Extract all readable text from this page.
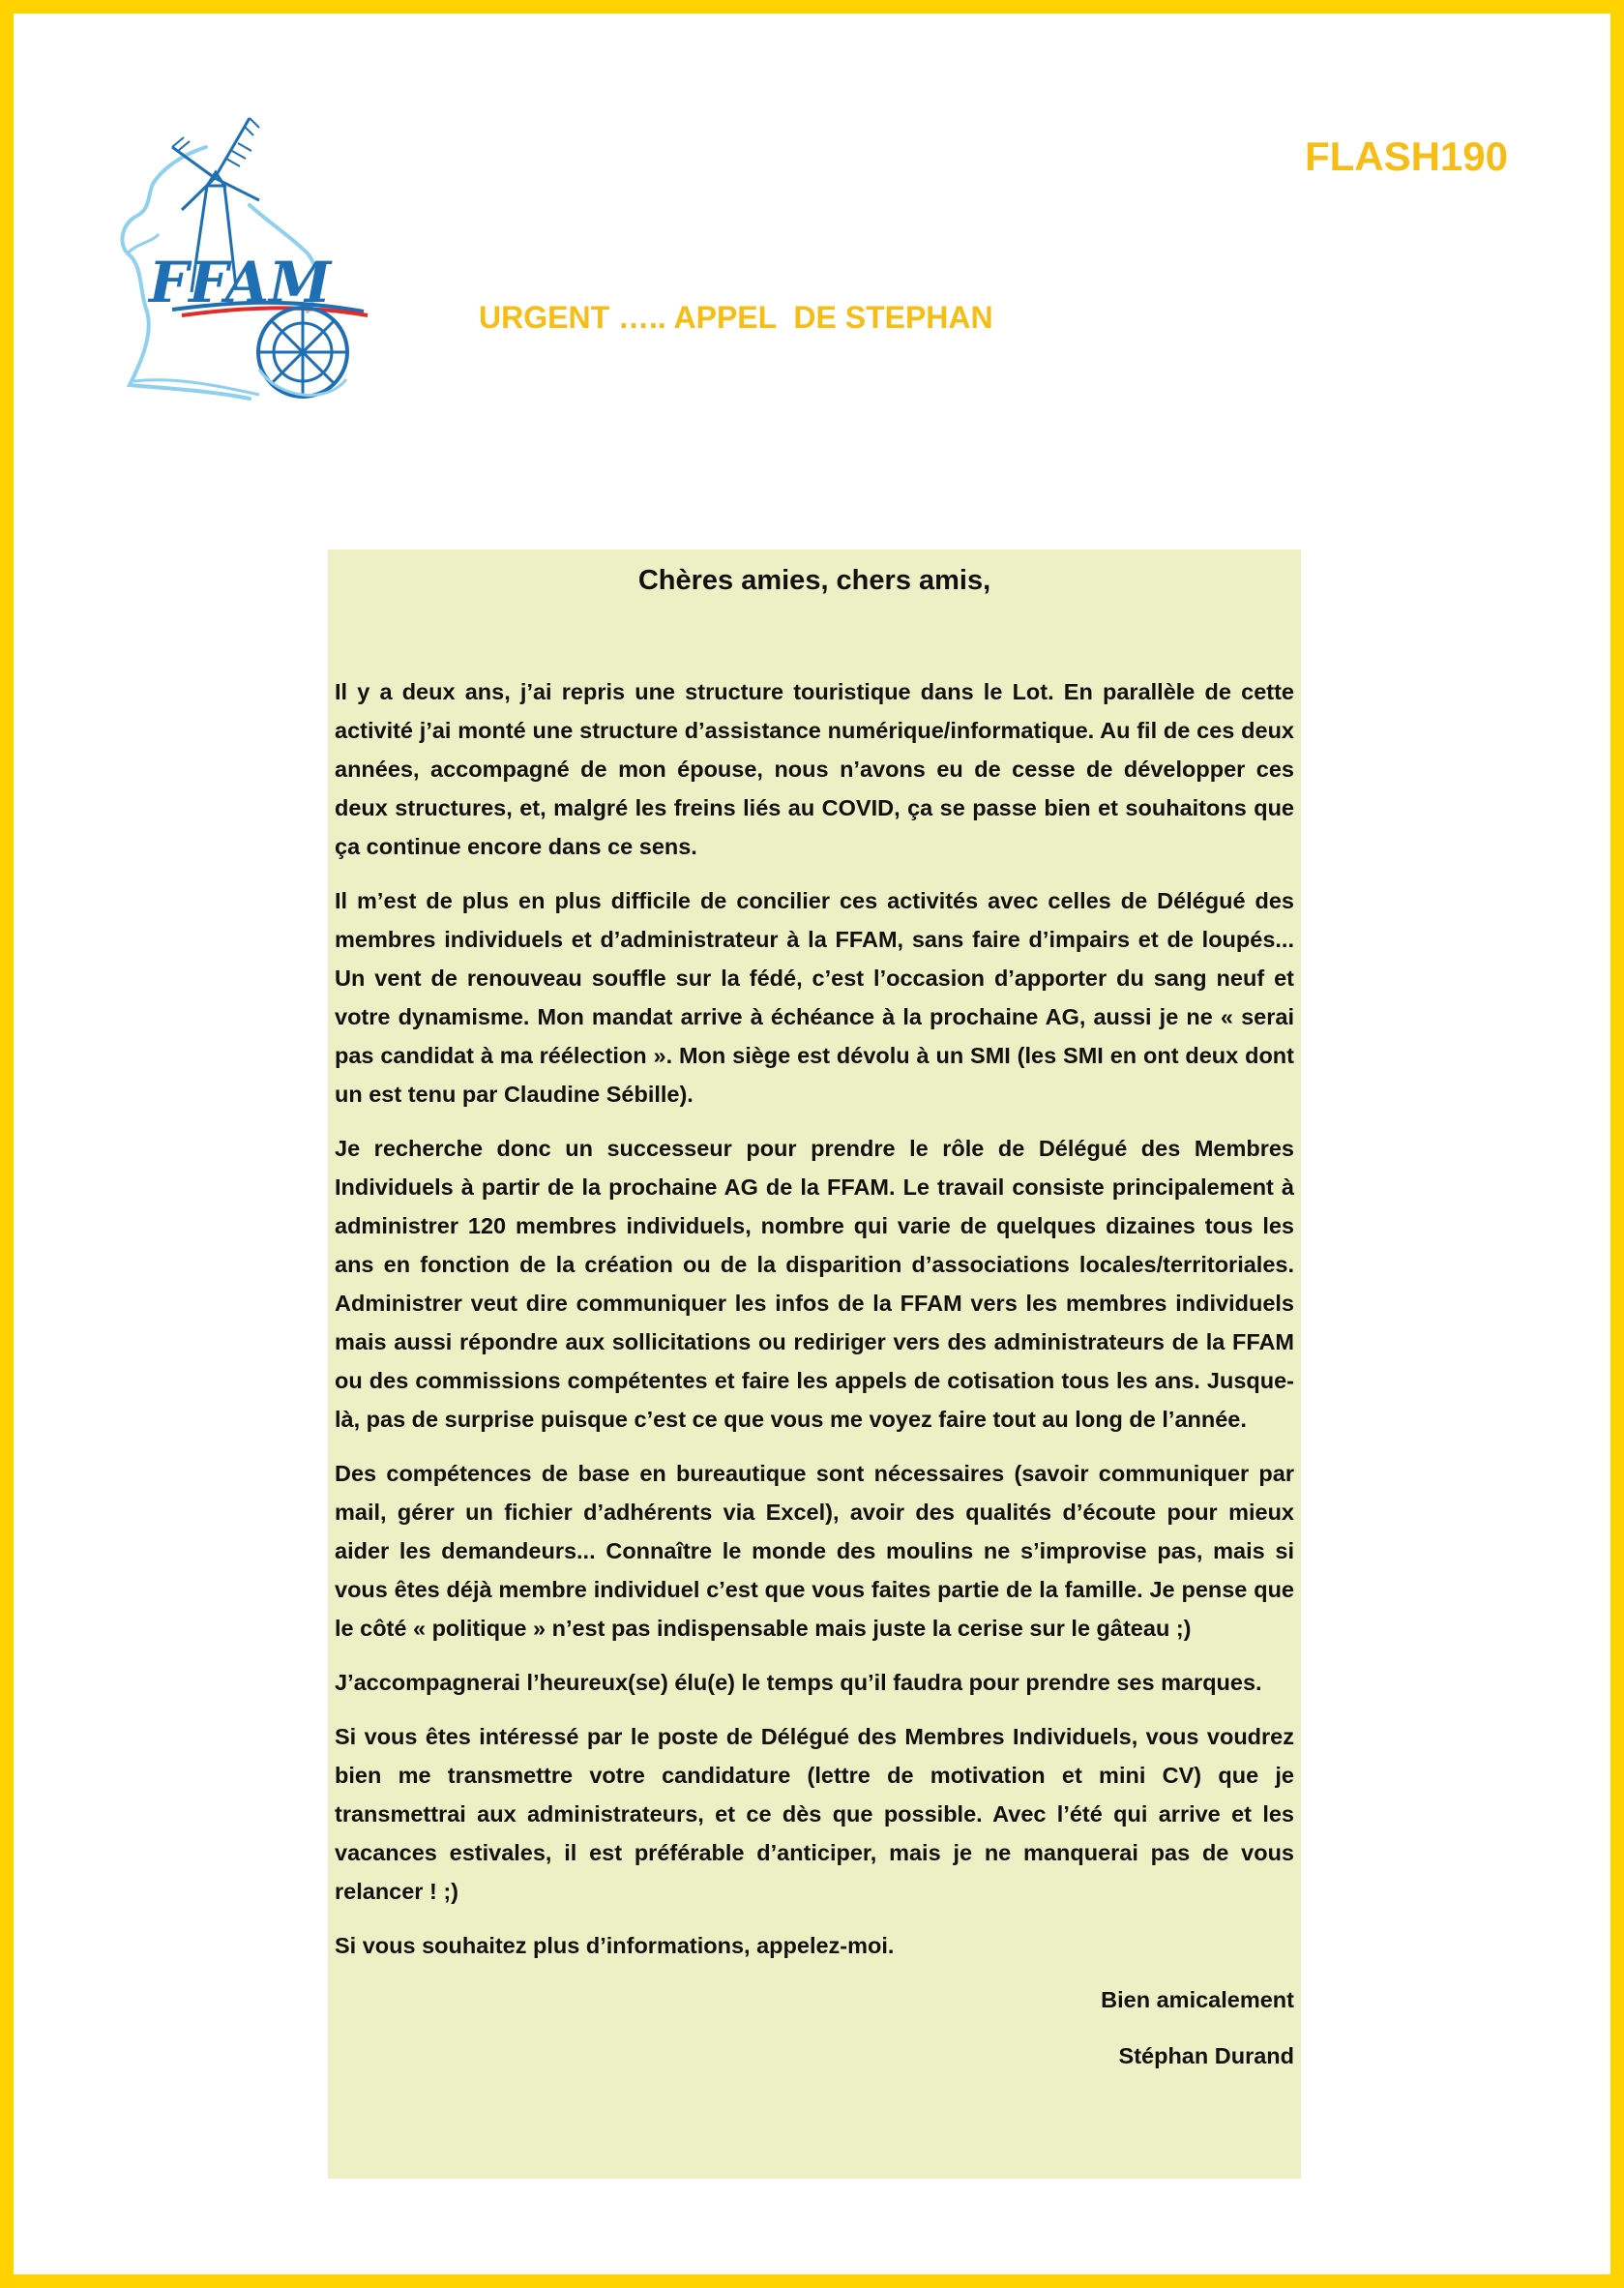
FFAM
FLASH190
URGENT ….. APPEL  DE STEPHAN
Chères amies, chers amis,

Il y a deux ans, j’ai repris une structure touristique dans le Lot. En parallèle de cette activité j’ai monté une structure d’assistance numérique/informatique. Au fil de ces deux années, accompagné de mon épouse, nous n’avons eu de cesse de développer ces deux structures, et, malgré les freins liés au COVID, ça se passe bien et souhaitons que ça continue encore dans ce sens.

Il m’est de plus en plus difficile de concilier ces activités avec celles de Délégué des membres individuels et d’administrateur à la FFAM, sans faire d’impairs et de loupés... Un vent de renouveau souffle sur la fédé, c’est l’occasion d’apporter du sang neuf et votre dynamisme. Mon mandat arrive à échéance à la prochaine AG, aussi je ne « serai pas candidat à ma réélection ». Mon siège est dévolu à un SMI (les SMI en ont deux dont un est tenu par Claudine Sébille).

Je recherche donc un successeur pour prendre le rôle de Délégué des Membres Individuels à partir de la prochaine AG de la FFAM. Le travail consiste principalement à administrer 120 membres individuels, nombre qui varie de quelques dizaines tous les ans en fonction de la création ou de la disparition d’associations locales/territoriales. Administrer veut dire communiquer les infos de la FFAM vers les membres individuels mais aussi répondre aux sollicitations ou rediriger vers des administrateurs de la FFAM ou des commissions compétentes et faire les appels de cotisation tous les ans. Jusque-là, pas de surprise puisque c’est ce que vous me voyez faire tout au long de l’année.

Des compétences de base en bureautique sont nécessaires (savoir communiquer par mail, gérer un fichier d’adhérents via Excel), avoir des qualités d’écoute pour mieux aider les demandeurs... Connaître le monde des moulins ne s’improvise pas, mais si vous êtes déjà membre individuel c’est que vous faites partie de la famille. Je pense que le côté « politique » n’est pas indispensable mais juste la cerise sur le gâteau ;)

J’accompagnerai l’heureux(se) élu(e) le temps qu’il faudra pour prendre ses marques.

Si vous êtes intéressé par le poste de Délégué des Membres Individuels, vous voudrez bien me transmettre votre candidature (lettre de motivation et mini CV) que je transmettrai aux administrateurs, et ce dès que possible. Avec l’été qui arrive et les vacances estivales, il est préférable d’anticiper, mais je ne manquerai pas de vous relancer ! ;)

Si vous souhaitez plus d’informations, appelez-moi.

Bien amicalement
Stéphan Durand
